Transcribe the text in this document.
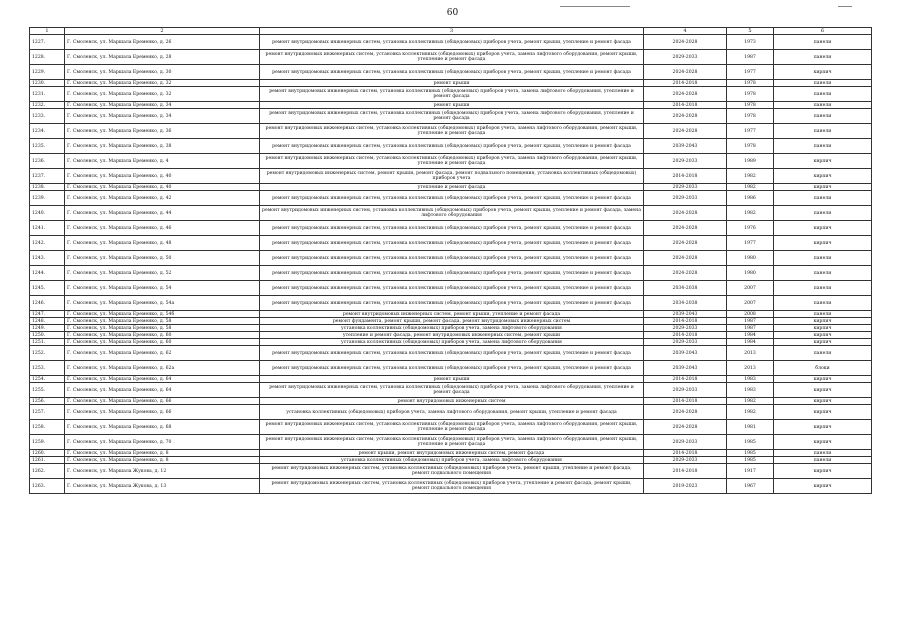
60
1	2	3	4	5	6
1227.	Г. Смоленск, ул. Маршала Еременко, д. 26	ремонт внутридомовых инженерных систем, установка коллективных (общедомовых) приборов учета, ремонт крыши, утепление и ремонт фасада	2024-2028	1973	панели
1228.	Г. Смоленск, ул. Маршала Еременко, д. 28	ремонт внутридомовых инженерных систем, установка коллективных (общедомовых) приборов учета, замена лифтового оборудования, ремонт крыши, утепление и ремонт фасада	2029-2033	1987	панели
1229.	Г. Смоленск, ул. Маршала Еременко, д. 30	ремонт внутридомовых инженерных систем, установка коллективных (общедомовых) приборов учета, ремонт крыши, утепление и ремонт фасада	2024-2028	1977	кирпич
1230.	Г. Смоленск, ул. Маршала Еременко, д. 32	ремонт крыши	2014-2018	1978	панели
1231.	Г. Смоленск, ул. Маршала Еременко, д. 32	ремонт внутридомовых инженерных систем, установка коллективных (общедомовых) приборов учета, замена лифтового оборудования, утепление и ремонт фасада	2024-2028	1978	панели
1232.	Г. Смоленск, ул. Маршала Еременко, д. 34	ремонт крыши	2014-2018	1978	панели
1233.	Г. Смоленск, ул. Маршала Еременко, д. 34	ремонт внутридомовых инженерных систем, установка коллективных (общедомовых) приборов учета, замена лифтового оборудования, утепление и ремонт фасада	2024-2028	1978	панели
1234.	Г. Смоленск, ул. Маршала Еременко, д. 36	ремонт внутридомовых инженерных систем, установка коллективных (общедомовых) приборов учета, замена лифтового оборудования, ремонт крыши, утепление и ремонт фасада	2024-2028	1977	панели
1235.	Г. Смоленск, ул. Маршала Еременко, д. 38	ремонт внутридомовых инженерных систем, установка коллективных (общедомовых) приборов учета, ремонт крыши, утепление и ремонт фасада	2039-2043	1978	панели
1236.	Г. Смоленск, ул. Маршала Еременко, д. 4	ремонт внутридомовых инженерных систем, установка коллективных (общедомовых) приборов учета, замена лифтового оборудования, ремонт крыши, утепление и ремонт фасада	2029-2033	1989	кирпич
1237.	Г. Смоленск, ул. Маршала Еременко, д. 40	ремонт внутридомовых инженерных систем, ремонт крыши, ремонт фасада, ремонт подвального помещения, установка коллективных (общедомовых) приборов учета	2014-2018	1982	кирпич
1238.	Г. Смоленск, ул. Маршала Еременко, д. 40	утепление и ремонт фасада	2029-2033	1982	кирпич
1239.	Г. Смоленск, ул. Маршала Еременко, д. 42	ремонт внутридомовых инженерных систем, установка коллективных (общедомовых) приборов учета, ремонт крыши, утепление и ремонт фасада	2029-2033	1986	панели
1240.	Г. Смоленск, ул. Маршала Еременко, д. 44	ремонт внутридомовых инженерных систем, установка коллективных (общедомовых) приборов учета, ремонт крыши, утепление и ремонт фасада, замена лифтового оборудования	2024-2028	1982	панели
1241.	Г. Смоленск, ул. Маршала Еременко, д. 46	ремонт внутридомовых инженерных систем, установка коллективных (общедомовых) приборов учета, ремонт крыши, утепление и ремонт фасада	2024-2028	1976	кирпич
1242.	Г. Смоленск, ул. Маршала Еременко, д. 48	ремонт внутридомовых инженерных систем, установка коллективных (общедомовых) приборов учета, ремонт крыши, утепление и ремонт фасада	2024-2028	1977	кирпич
1243.	Г. Смоленск, ул. Маршала Еременко, д. 50	ремонт внутридомовых инженерных систем, установка коллективных (общедомовых) приборов учета, ремонт крыши, утепление и ремонт фасада	2024-2028	1980	панели
1244.	Г. Смоленск, ул. Маршала Еременко, д. 52	ремонт внутридомовых инженерных систем, установка коллективных (общедомовых) приборов учета, ремонт крыши, утепление и ремонт фасада	2024-2028	1980	панели
1245.	Г. Смоленск, ул. Маршала Еременко, д. 54	ремонт внутридомовых инженерных систем, установка коллективных (общедомовых) приборов учета, ремонт крыши, утепление и ремонт фасада	2034-2038	2007	панели
1246.	Г. Смоленск, ул. Маршала Еременко, д. 54а	ремонт внутридомовых инженерных систем, установка коллективных (общедомовых) приборов учета, ремонт крыши, утепление и ремонт фасада	2034-2038	2007	панели
1247.	Г. Смоленск, ул. Маршала Еременко, д. 54б	ремонт внутридомовых инженерных систем, ремонт крыши, утепление и ремонт фасада	2039-2043	2008	панели
1248.	Г. Смоленск, ул. Маршала Еременко, д. 58	ремонт фундамента, ремонт крыши, ремонт фасада, ремонт внутридомовых инженерных систем	2014-2018	1987	кирпич
1249.	Г. Смоленск, ул. Маршала Еременко, д. 58	установка коллективных (общедомовых) приборов учета, замена лифтового оборудования	2029-2033	1987	кирпич
1250.	Г. Смоленск, ул. Маршала Еременко, д. 60	утепление и ремонт фасада, ремонт внутридомовых инженерных систем, ремонт крыши	2014-2018	1984	кирпич
1251.	Г. Смоленск, ул. Маршала Еременко, д. 60	установка коллективных (общедомовых) приборов учета, замена лифтового оборудования	2029-2033	1984	кирпич
1252.	Г. Смоленск, ул. Маршала Еременко, д. 62	ремонт внутридомовых инженерных систем, установка коллективных (общедомовых) приборов учета, ремонт крыши, утепление и ремонт фасада	2039-2043	2013	панели
1253.	Г. Смоленск, ул. Маршала Еременко, д. 62а	ремонт внутридомовых инженерных систем, установка коллективных (общедомовых) приборов учета, ремонт крыши, утепление и ремонт фасада	2039-2043	2013	блоки
1254.	Г. Смоленск, ул. Маршала Еременко, д. 64	ремонт крыши	2014-2018	1983	кирпич
1255.	Г. Смоленск, ул. Маршала Еременко, д. 64	ремонт внутридомовых инженерных систем, установка коллективных (общедомовых) приборов учета, замена лифтового оборудования, утепление и ремонт фасада	2029-2033	1983	кирпич
1256.	Г. Смоленск, ул. Маршала Еременко, д. 66	ремонт внутридомовых инженерных систем	2014-2018	1982	кирпич
1257.	Г. Смоленск, ул. Маршала Еременко, д. 66	установка коллективных (общедомовых) приборов учета, замена лифтового оборудования, ремонт крыши, утепление и ремонт фасада	2024-2028	1982	кирпич
1258.	Г. Смоленск, ул. Маршала Еременко, д. 68	ремонт внутридомовых инженерных систем, установка коллективных (общедомовых) приборов учета, замена лифтового оборудования, ремонт крыши, утепление и ремонт фасада	2024-2028	1981	кирпич
1259.	Г. Смоленск, ул. Маршала Еременко, д. 70	ремонт внутридомовых инженерных систем, установка коллективных (общедомовых) приборов учета, замена лифтового оборудования, ремонт крыши, утепление и ремонт фасада	2029-2033	1985	кирпич
1260.	Г. Смоленск, ул. Маршала Еременко, д. 8	ремонт крыши, ремонт внутридомовых инженерных систем, ремонт фасада	2014-2018	1985	панели
1261.	Г. Смоленск, ул. Маршала Еременко, д. 8	установка коллективных (общедомовых) приборов учета, замена лифтового оборудования	2029-2033	1985	панели
1262.	Г. Смоленск, ул. Маршала Жукова, д. 12	ремонт внутридомовых инженерных систем, установка коллективных (общедомовых) приборов учета, ремонт крыши, утепление и ремонт фасада, ремонт подвального помещения	2014-2018	1917	кирпич
1263.	Г. Смоленск, ул. Маршала Жукова, д. 13	ремонт внутридомовых инженерных систем, установка коллективных (общедомовых) приборов учета, утепление и ремонт фасада, ремонт крыши, ремонт подвального помещения	2019-2023	1967	кирпич
